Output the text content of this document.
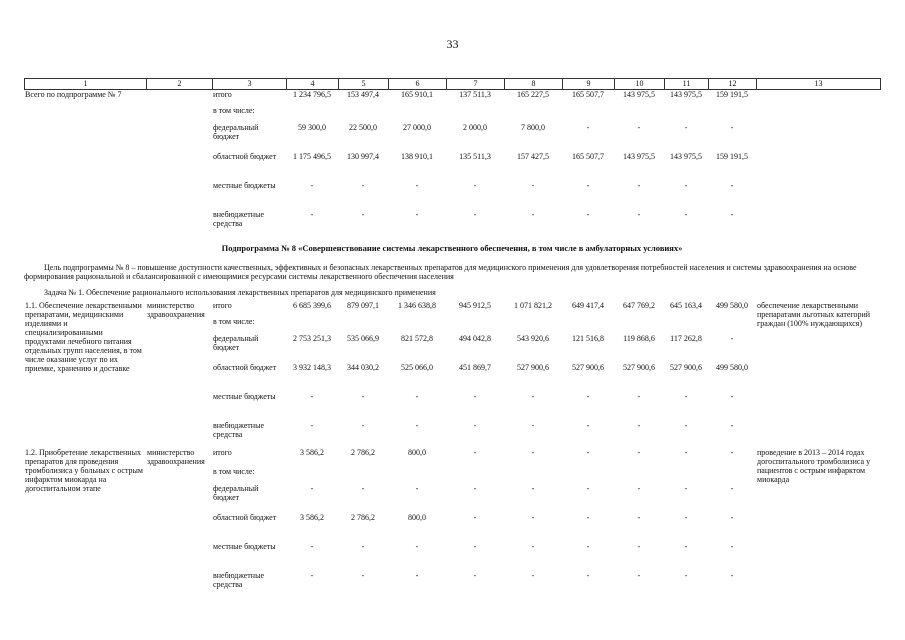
33
1	2	3	4	5	6	7	8	9	10	11	12	13
Всего по подпрограмме № 7		итого	1 234 796,5	153 497,4	165 910,1	137 511,3	165 227,5	165 507,7	143 975,5	143 975,5	159 191,5	
		в том числе:										
		федеральный бюджет	59 300,0	22 500,0	27 000,0	2 000,0	7 800,0	-	-	-	-	
		областной бюджет	1 175 496,5	130 997,4	138 910,1	135 511,3	157 427,5	165 507,7	143 975,5	143 975,5	159 191,5	
		местные бюджеты	-	-	-	-	-	-	-	-	-	
		внебюджетные средства	-	-	-	-	-	-	-	-	-	
Подпрограмма № 8 «Совершенствование системы лекарственного обеспечения, в том числе в амбулаторных условиях»
Цель подпрограммы № 8 – повышение доступности качественных, эффективных и безопасных лекарственных препаратов для медицинского применения для удовлетворения потребностей населения и системы здравоохранения на основе формирования рациональной и сбалансированной с имеющимися ресурсами системы лекарственного обеспечения населения
Задача № 1. Обеспечение рационального использования лекарственных препаратов для медицинского применения
1.1. Обеспечение лекарственными препаратами, медицинскими изделиями и специализированными продуктами лечебного питания отдельных групп населения, в том числе оказание услуг по их приемке, хранению и доставке	министерство здравоохранения	итого	6 685 399,6	879 097,1	1 346 638,8	945 912,5	1 071 821,2	649 417,4	647 769,2	645 163,4	499 580,0	обеспечение лекарственными препаратами льготных категорий граждан (100% нуждающихся)
		в том числе:										
		федеральный бюджет	2 753 251,3	535 066,9	821 572,8	494 042,8	543 920,6	121 516,8	119 868,6	117 262,8	-	
		областной бюджет	3 932 148,3	344 030,2	525 066,0	451 869,7	527 900,6	527 900,6	527 900,6	527 900,6	499 580,0	
		местные бюджеты	-	-	-	-	-	-	-	-	-	
		внебюджетные средства	-	-	-	-	-	-	-	-	-	
1.2. Приобретение лекарственных препаратов для проведения тромболизиса у больных с острым инфарктом миокарда на догоспитальном этапе	министерство здравоохранения	итого	3 586,2	2 786,2	800,0	-	-	-	-	-	-	проведение в 2013 – 2014 годах догоспитального тромболизиса у пациентов с острым инфарктом миокарда
		в том числе:										
		федеральный бюджет	-	-	-	-	-	-	-	-	-	
		областной бюджет	3 586,2	2 786,2	800,0	-	-	-	-	-	-	
		местные бюджеты	-	-	-	-	-	-	-	-	-	
		внебюджетные средства	-	-	-	-	-	-	-	-	-	
